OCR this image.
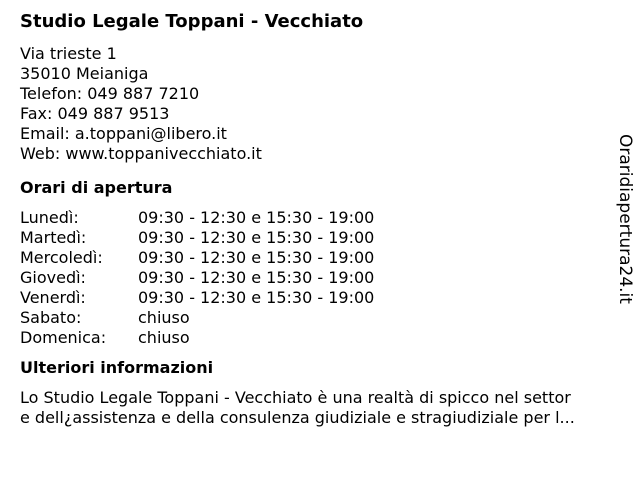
Studio Legale Toppani - Vecchiato
Via trieste 1
35010 Meianiga
Telefon: 049 887 7210
Fax: 049 887 9513
Email: a.toppani@libero.it
Web: www.toppanivecchiato.it
Orari di apertura
Lunedì:	09:30 - 12:30 e 15:30 - 19:00
Martedì:	09:30 - 12:30 e 15:30 - 19:00
Mercoledì:	09:30 - 12:30 e 15:30 - 19:00
Giovedì:	09:30 - 12:30 e 15:30 - 19:00
Venerdì:	09:30 - 12:30 e 15:30 - 19:00
Sabato:	chiuso
Domenica:	chiuso
Ulteriori informazioni
Lo Studio Legale Toppani - Vecchiato è una realtà di spicco nel settor
e dell¿assistenza e della consulenza giudiziale e stragiudiziale per l...
Oraridiapertura24.it
